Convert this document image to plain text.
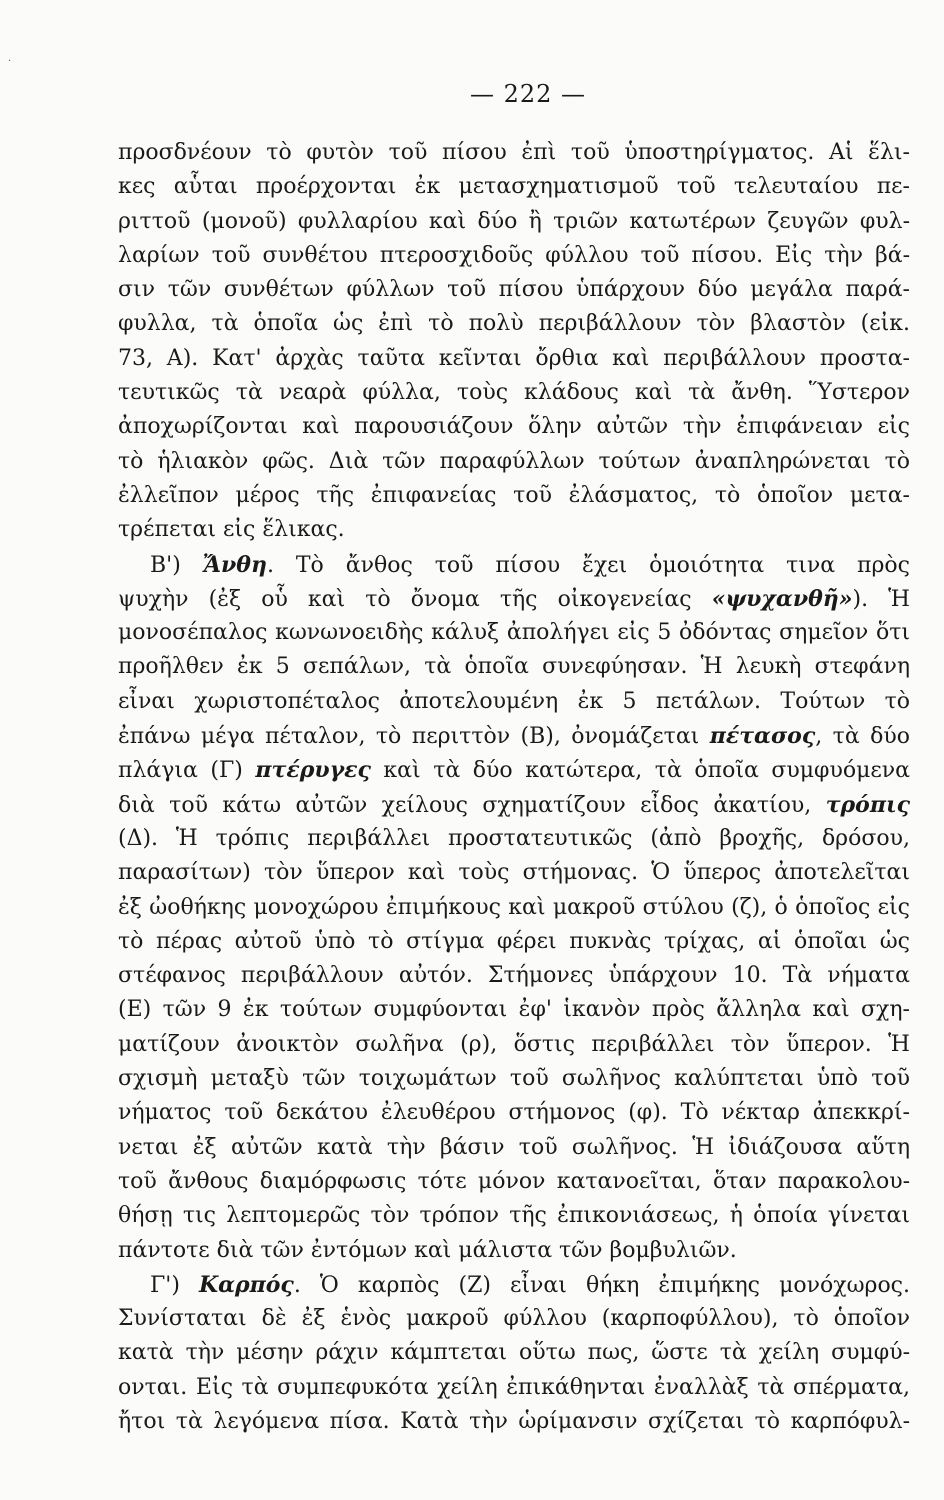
·
— 222 —
προσδνέουν τὸ φυτὸν τοῦ πίσου ἐπὶ τοῦ ὑποστηρίγματος. Αἱ ἕλι-
κες αὗται προέρχονται ἐκ μετασχηματισμοῦ τοῦ τελευταίου πε-
ριττοῦ (μονοῦ) φυλλαρίου καὶ δύο ἢ τριῶν κατωτέρων ζευγῶν φυλ-
λαρίων τοῦ συνθέτου πτεροσχιδοῦς φύλλου τοῦ πίσου. Εἰς τὴν βά-
σιν τῶν συνθέτων φύλλων τοῦ πίσου ὑπάρχουν δύο μεγάλα παρά-
φυλλα, τὰ ὁποῖα ὡς ἐπὶ τὸ πολὺ περιβάλλουν τὸν βλαστὸν (εἰκ.
73, Α). Κατ' ἀρχὰς ταῦτα κεῖνται ὄρθια καὶ περιβάλλουν προστα-
τευτικῶς τὰ νεαρὰ φύλλα, τοὺς κλάδους καὶ τὰ ἄνθη. Ὕστερον
ἀποχωρίζονται καὶ παρουσιάζουν ὅλην αὐτῶν τὴν ἐπιφάνειαν εἰς
τὸ ἡλιακὸν φῶς. Διὰ τῶν παραφύλλων τούτων ἀναπληρώνεται τὸ
ἐλλεῖπον μέρος τῆς ἐπιφανείας τοῦ ἐλάσματος, τὸ ὁποῖον μετα-
τρέπεται εἰς ἕλικας.
Β') Ἄνθη. Τὸ ἄνθος τοῦ πίσου ἔχει ὁμοιότητα τινα πρὸς
ψυχὴν (ἐξ οὗ καὶ τὸ ὄνομα τῆς οἰκογενείας «ψυχανθῆ»). Ἡ
μονοσέπαλος κωνωνοειδὴς κάλυξ ἀπολήγει εἰς 5 ὀδόντας σημεῖον ὅτι
προῆλθεν ἐκ 5 σεπάλων, τὰ ὁποῖα συνεφύησαν. Ἡ λευκὴ στεφάνη
εἶναι χωριστοπέταλος ἀποτελουμένη ἐκ 5 πετάλων. Τούτων τὸ
ἐπάνω μέγα πέταλον, τὸ περιττὸν (Β), ὀνομάζεται πέτασος, τὰ δύο
πλάγια (Γ) πτέρυγες καὶ τὰ δύο κατώτερα, τὰ ὁποῖα συμφυόμενα
διὰ τοῦ κάτω αὐτῶν χείλους σχηματίζουν εἶδος ἀκατίου, τρόπις
(Δ). Ἡ τρόπις περιβάλλει προστατευτικῶς (ἀπὸ βροχῆς, δρόσου,
παρασίτων) τὸν ὕπερον καὶ τοὺς στήμονας. Ὁ ὕπερος ἀποτελεῖται
ἐξ ὠοθήκης μονοχώρου ἐπιμήκους καὶ μακροῦ στύλου (ζ), ὁ ὁποῖος εἰς
τὸ πέρας αὐτοῦ ὑπὸ τὸ στίγμα φέρει πυκνὰς τρίχας, αἱ ὁποῖαι ὡς
στέφανος περιβάλλουν αὐτόν. Στήμονες ὑπάρχουν 10. Τὰ νήματα
(Ε) τῶν 9 ἐκ τούτων συμφύονται ἐφ' ἱκανὸν πρὸς ἄλληλα καὶ σχη-
ματίζουν ἀνοικτὸν σωλῆνα (ρ), ὅστις περιβάλλει τὸν ὕπερον. Ἡ
σχισμὴ μεταξὺ τῶν τοιχωμάτων τοῦ σωλῆνος καλύπτεται ὑπὸ τοῦ
νήματος τοῦ δεκάτου ἐλευθέρου στήμονος (φ). Τὸ νέκταρ ἀπεκκρί-
νεται ἐξ αὐτῶν κατὰ τὴν βάσιν τοῦ σωλῆνος. Ἡ ἰδιάζουσα αὕτη
τοῦ ἄνθους διαμόρφωσις τότε μόνον κατανοεῖται, ὅταν παρακολου-
θήσῃ τις λεπτομερῶς τὸν τρόπον τῆς ἐπικονιάσεως, ἡ ὁποία γίνεται
πάντοτε διὰ τῶν ἐντόμων καὶ μάλιστα τῶν βομβυλιῶν.
Γ') Καρπός. Ὁ καρπὸς (Ζ) εἶναι θήκη ἐπιμήκης μονόχωρος.
Συνίσταται δὲ ἐξ ἑνὸς μακροῦ φύλλου (καρποφύλλου), τὸ ὁποῖον
κατὰ τὴν μέσην ράχιν κάμπτεται οὕτω πως, ὥστε τὰ χείλη συμφύ-
ονται. Εἰς τὰ συμπεφυκότα χείλη ἐπικάθηνται ἐναλλὰξ τὰ σπέρματα,
ἤτοι τὰ λεγόμενα πίσα. Κατὰ τὴν ὡρίμανσιν σχίζεται τὸ καρπόφυλ-
